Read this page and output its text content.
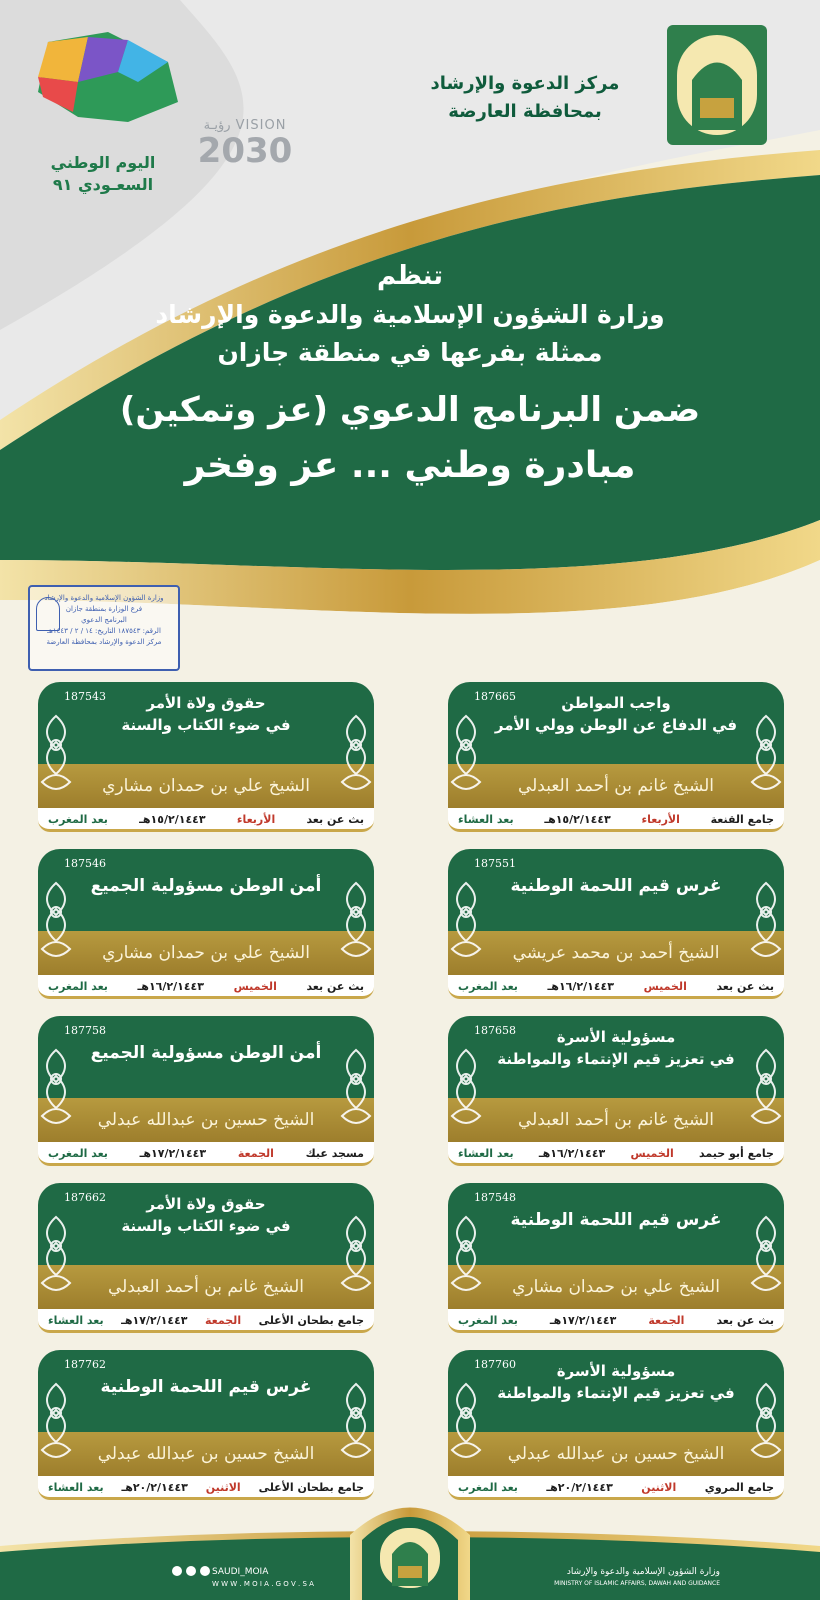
مركز الدعوة والإرشاد
بمحافظة العارضة
اليوم الوطني
السعـودي ٩١
VISION رؤيـة
2030
تنظم
وزارة الشؤون الإسلامية والدعوة والإرشاد
ممثلة بفرعها في منطقة جازان
ضمن البرنامج الدعوي (عز وتمكين)
مبادرة وطني ... عز وفخر
وزارة الشؤون الإسلامية والدعوة والإرشاد
فرع الوزارة بمنطقة جازان
البرنامج الدعوي
الرقم: ١٨٧٥٤٣ التاريخ: ١٤ / ٢ / ١٤٤٣هـ
مركز الدعوة والإرشاد بمحافظة العارضة
187665	واجب المواطن
في الدفاع عن الوطن وولي الأمر
الشيخ غانم بن أحمد العبدلي
جامع القنعة
الأربعاء
١٥/٢/١٤٤٣هـ
بعد العشاء
187543	حقوق ولاة الأمر
في ضوء الكتاب والسنة
الشيخ علي بن حمدان مشاري
بث عن بعد
الأربعاء
١٥/٢/١٤٤٣هـ
بعد المغرب
187551
غرس قيم اللحمة الوطنية
الشيخ أحمد بن محمد عريشي
بث عن بعد
الخميس
١٦/٢/١٤٤٣هـ
بعد المغرب
187546
أمن الوطن مسؤولية الجميع
الشيخ علي بن حمدان مشاري
بث عن بعد
الخميس
١٦/٢/١٤٤٣هـ
بعد المغرب
187658	مسؤولية الأسرة
في تعزيز قيم الإنتماء والمواطنة
الشيخ غانم بن أحمد العبدلي
جامع أبو حيمد
الخميس
١٦/٢/١٤٤٣هـ
بعد العشاء
187758
أمن الوطن مسؤولية الجميع
الشيخ حسين بن عبدالله عبدلي
مسجد عبك
الجمعة
١٧/٢/١٤٤٣هـ
بعد المغرب
187548
غرس قيم اللحمة الوطنية
الشيخ علي بن حمدان مشاري
بث عن بعد
الجمعة
١٧/٢/١٤٤٣هـ
بعد المغرب
187662	حقوق ولاة الأمر
في ضوء الكتاب والسنة
الشيخ غانم بن أحمد العبدلي
جامع بطحان الأعلى
الجمعة
١٧/٢/١٤٤٣هـ
بعد العشاء
187760	مسؤولية الأسرة
في تعزيز قيم الإنتماء والمواطنة
الشيخ حسين بن عبدالله عبدلي
جامع المروي
الاثنين
٢٠/٢/١٤٤٣هـ
بعد المغرب
187762
غرس قيم اللحمة الوطنية
الشيخ حسين بن عبدالله عبدلي
جامع بطحان الأعلى
الاثنين
٢٠/٢/١٤٤٣هـ
بعد العشاء
SAUDI_MOIA
W W W . M O I A . G O V . S A
وزارة الشؤون الإسلامية والدعوة والإرشاد
MINISTRY OF ISLAMIC AFFAIRS, DAWAH AND GUIDANCE
